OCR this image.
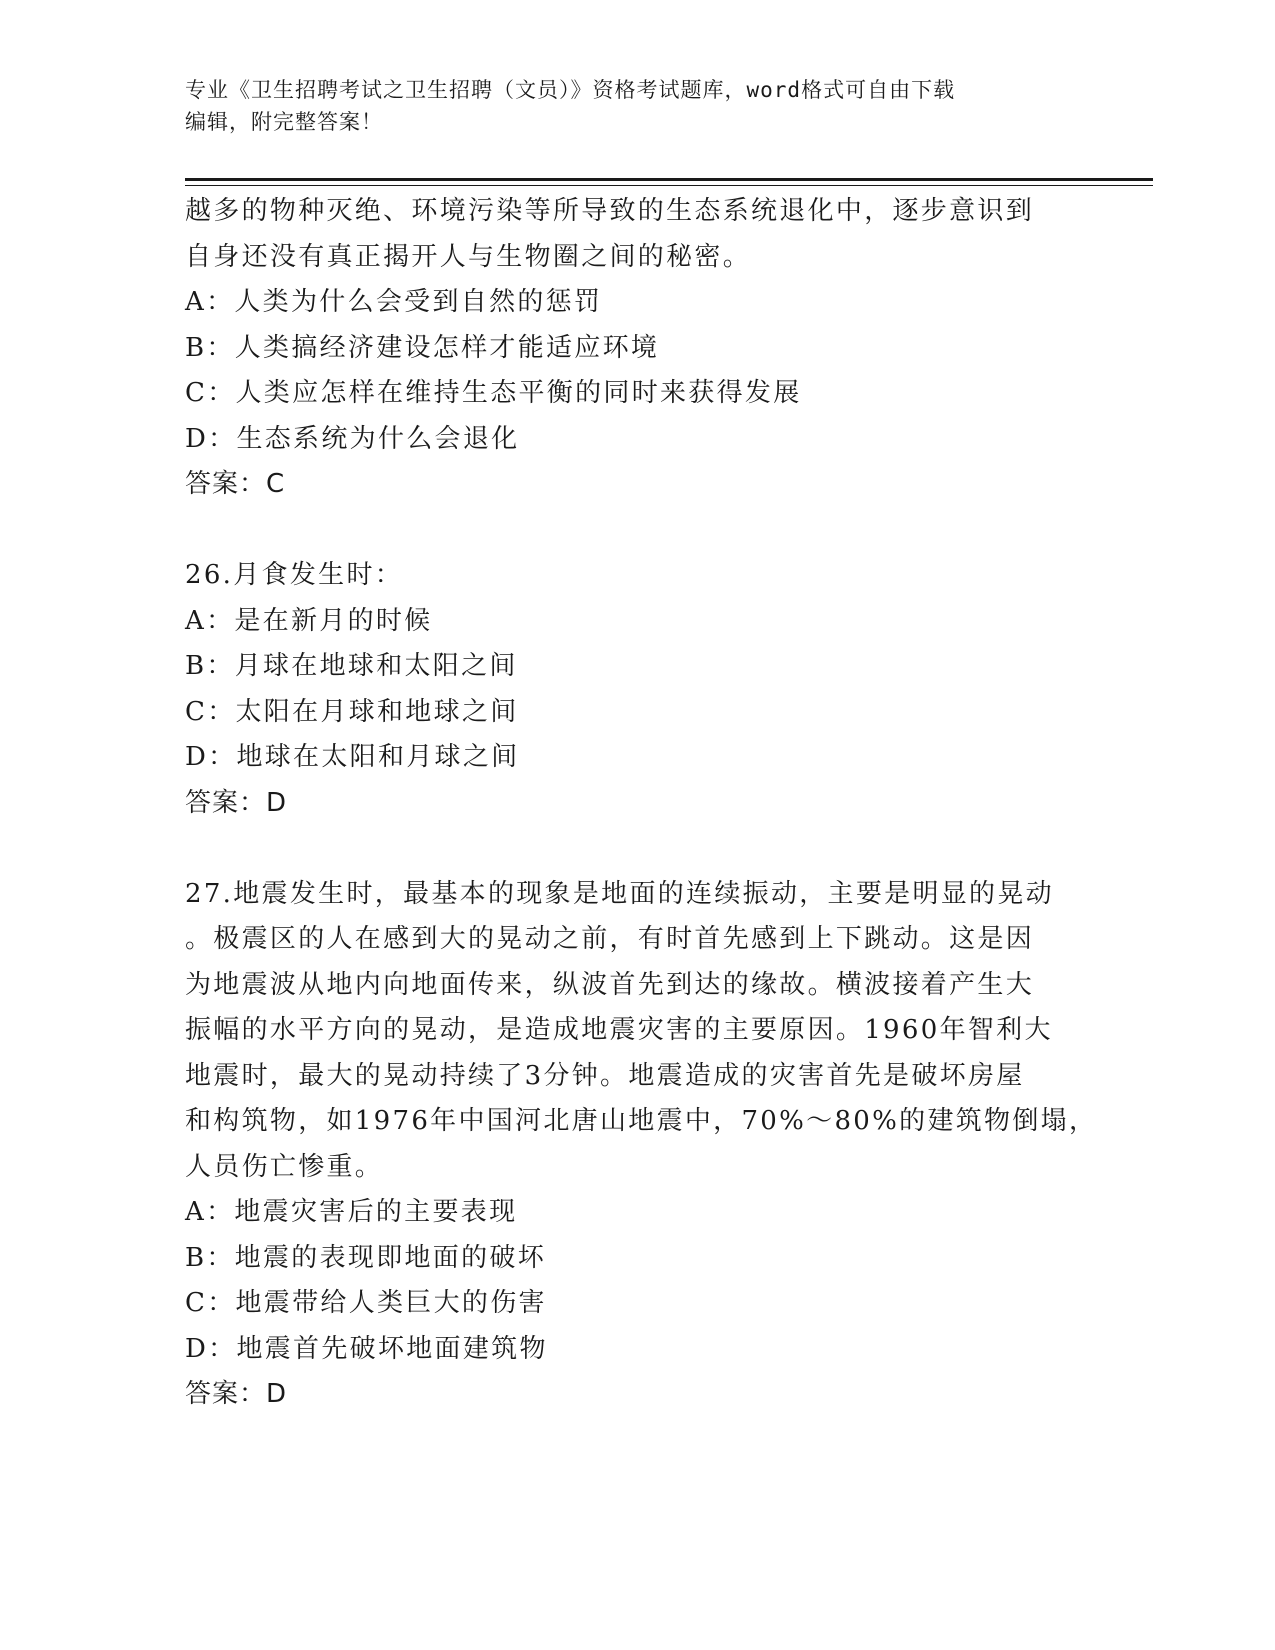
专业《卫生招聘考试之卫生招聘（文员）》资格考试题库，word格式可自由下载
编辑，附完整答案！
越多的物种灭绝、环境污染等所导致的生态系统退化中，逐步意识到
自身还没有真正揭开人与生物圈之间的秘密。
A：人类为什么会受到自然的惩罚
B：人类搞经济建设怎样才能适应环境
C：人类应怎样在维持生态平衡的同时来获得发展
D：生态系统为什么会退化
答案：C
26.月食发生时：
A：是在新月的时候
B：月球在地球和太阳之间
C：太阳在月球和地球之间
D：地球在太阳和月球之间
答案：D
27.地震发生时，最基本的现象是地面的连续振动，主要是明显的晃动
。极震区的人在感到大的晃动之前，有时首先感到上下跳动。这是因
为地震波从地内向地面传来，纵波首先到达的缘故。横波接着产生大
振幅的水平方向的晃动，是造成地震灾害的主要原因。1960年智利大
地震时，最大的晃动持续了3分钟。地震造成的灾害首先是破坏房屋
和构筑物，如1976年中国河北唐山地震中，70%～80%的建筑物倒塌，
人员伤亡惨重。
A：地震灾害后的主要表现
B：地震的表现即地面的破坏
C：地震带给人类巨大的伤害
D：地震首先破坏地面建筑物
答案：D
